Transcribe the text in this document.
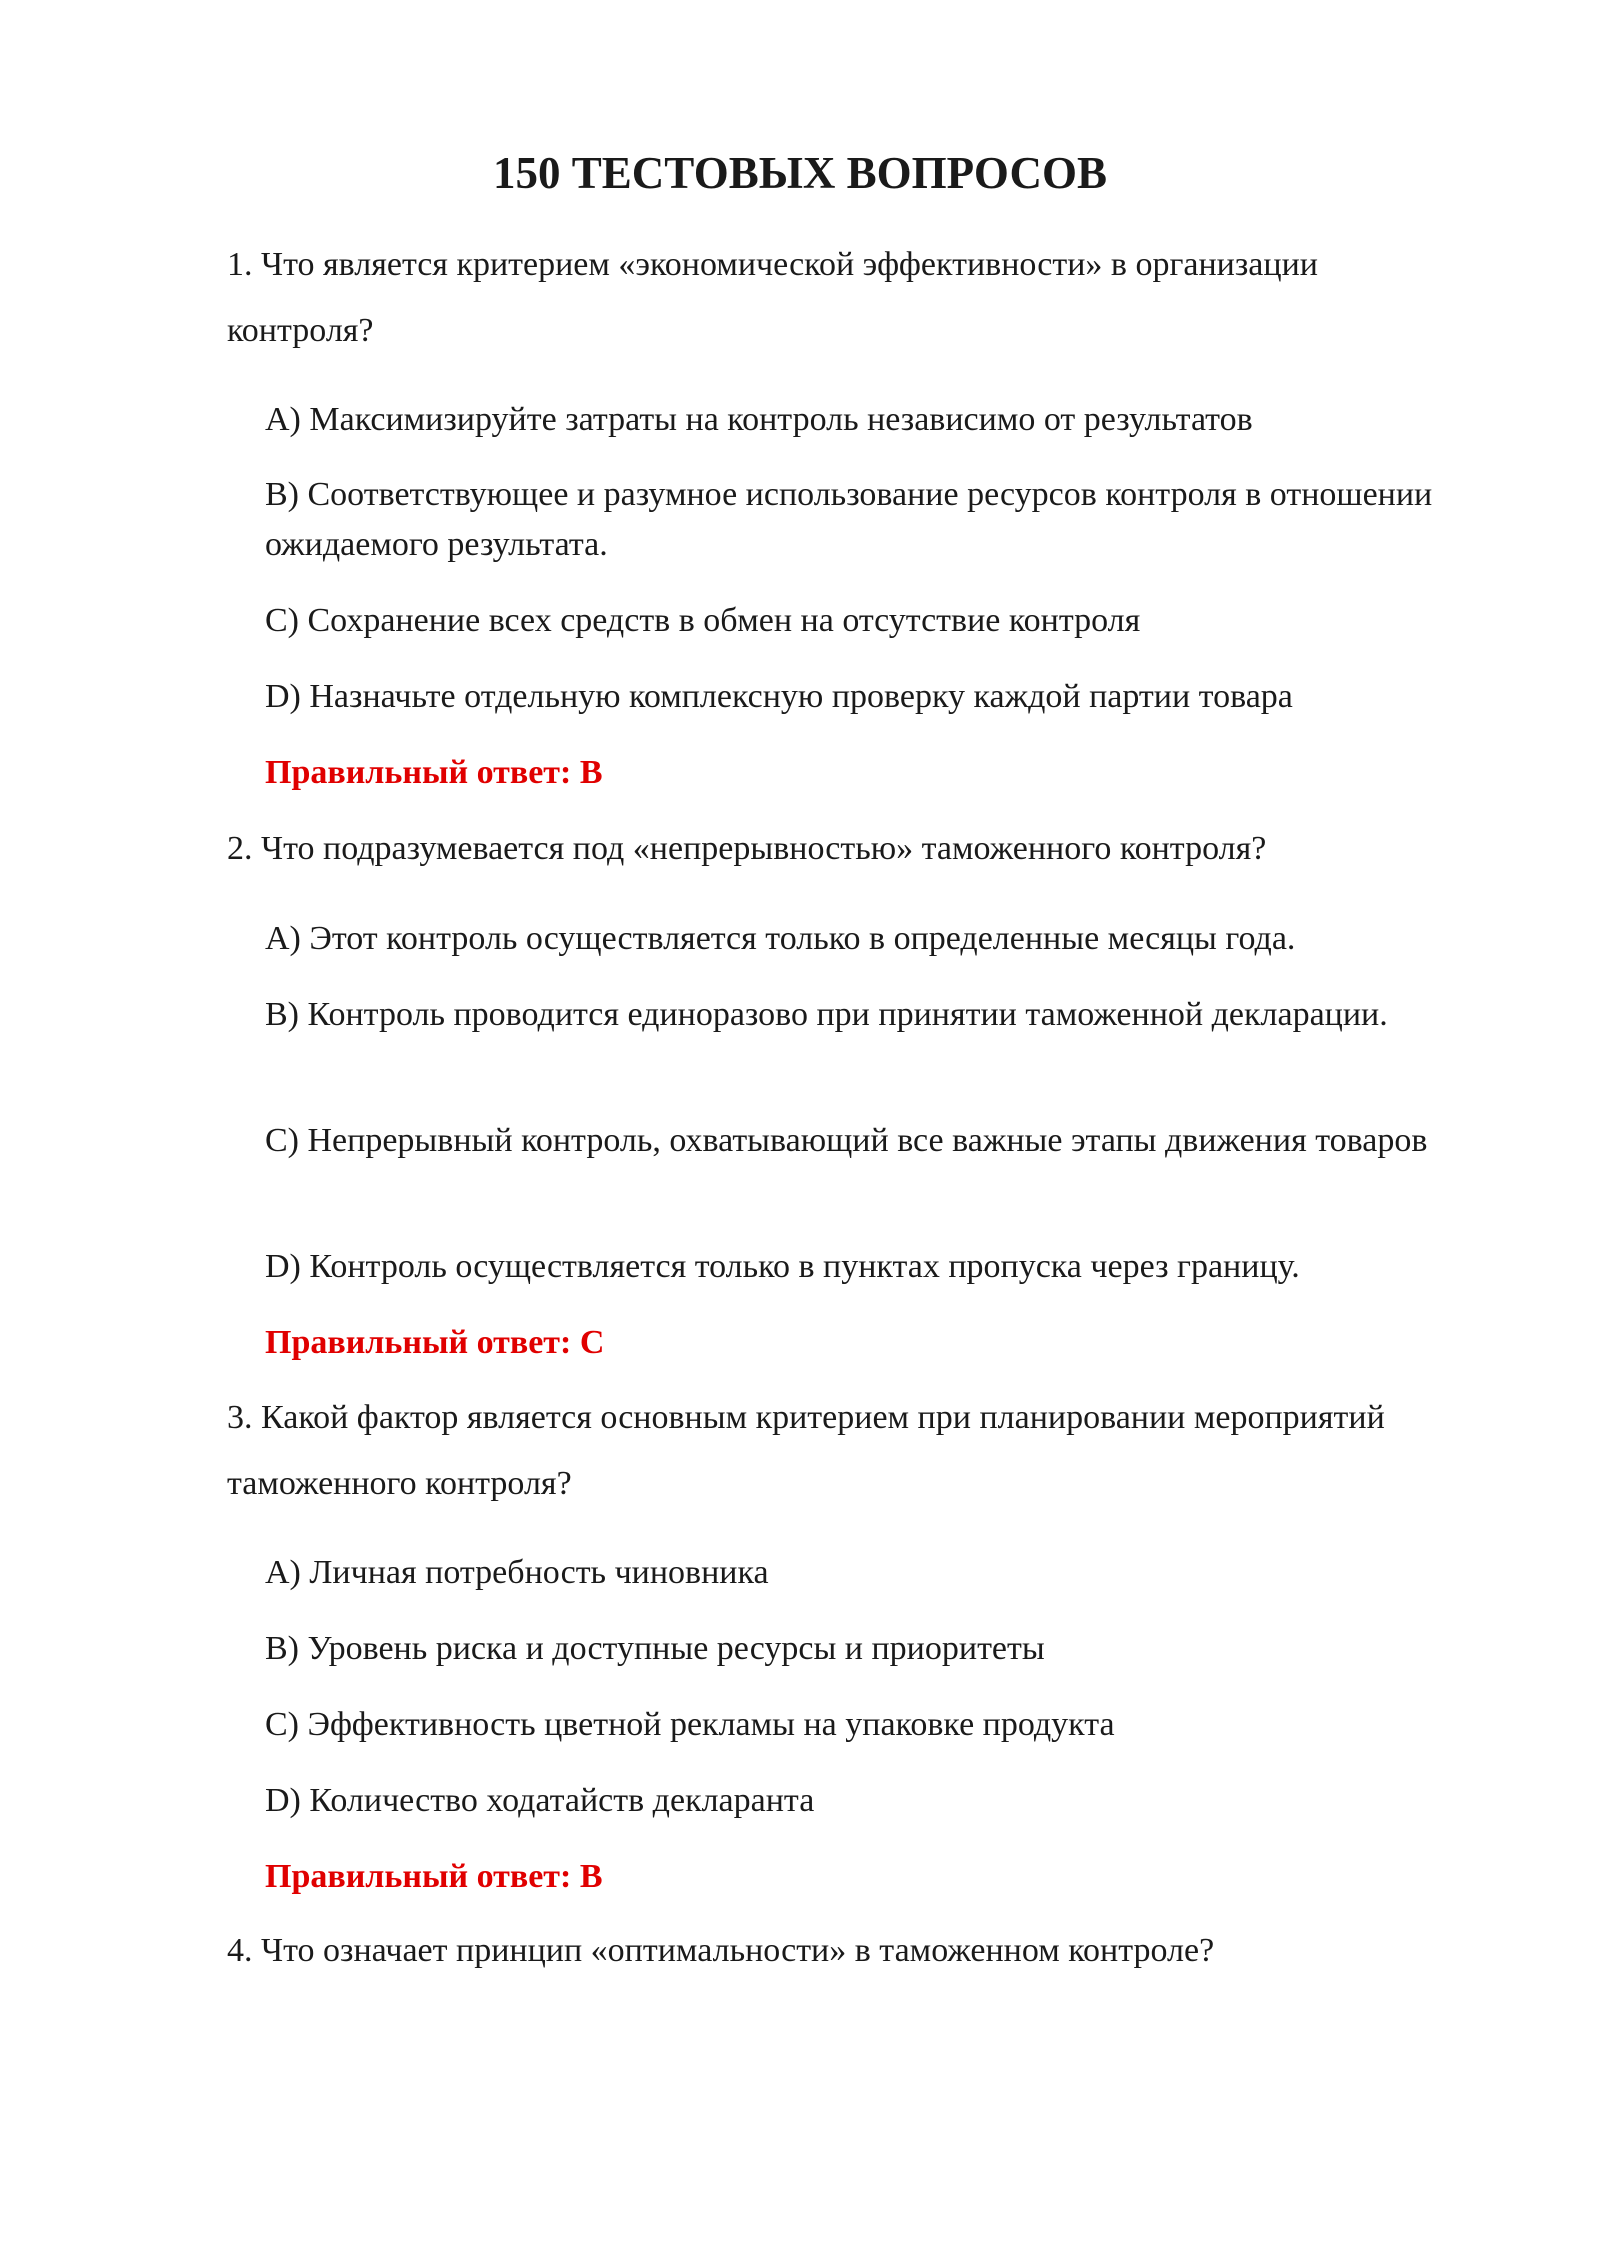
150 ТЕСТОВЫХ ВОПРОСОВ
1. Что является критерием «экономической эффективности» в организации контроля?
A) Максимизируйте затраты на контроль независимо от результатов
B) Соответствующее и разумное использование ресурсов контроля в отношении ожидаемого результата.
C) Сохранение всех средств в обмен на отсутствие контроля
D) Назначьте отдельную комплексную проверку каждой партии товара
Правильный ответ: B
2. Что подразумевается под «непрерывностью» таможенного контроля?
A) Этот контроль осуществляется только в определенные месяцы года.
B) Контроль проводится единоразово при принятии таможенной декларации.
C) Непрерывный контроль, охватывающий все важные этапы движения товаров
D) Контроль осуществляется только в пунктах пропуска через границу.
Правильный ответ: C
3. Какой фактор является основным критерием при планировании мероприятий таможенного контроля?
A) Личная потребность чиновника
B) Уровень риска и доступные ресурсы и приоритеты
C) Эффективность цветной рекламы на упаковке продукта
D) Количество ходатайств декларанта
Правильный ответ: B
4. Что означает принцип «оптимальности» в таможенном контроле?
